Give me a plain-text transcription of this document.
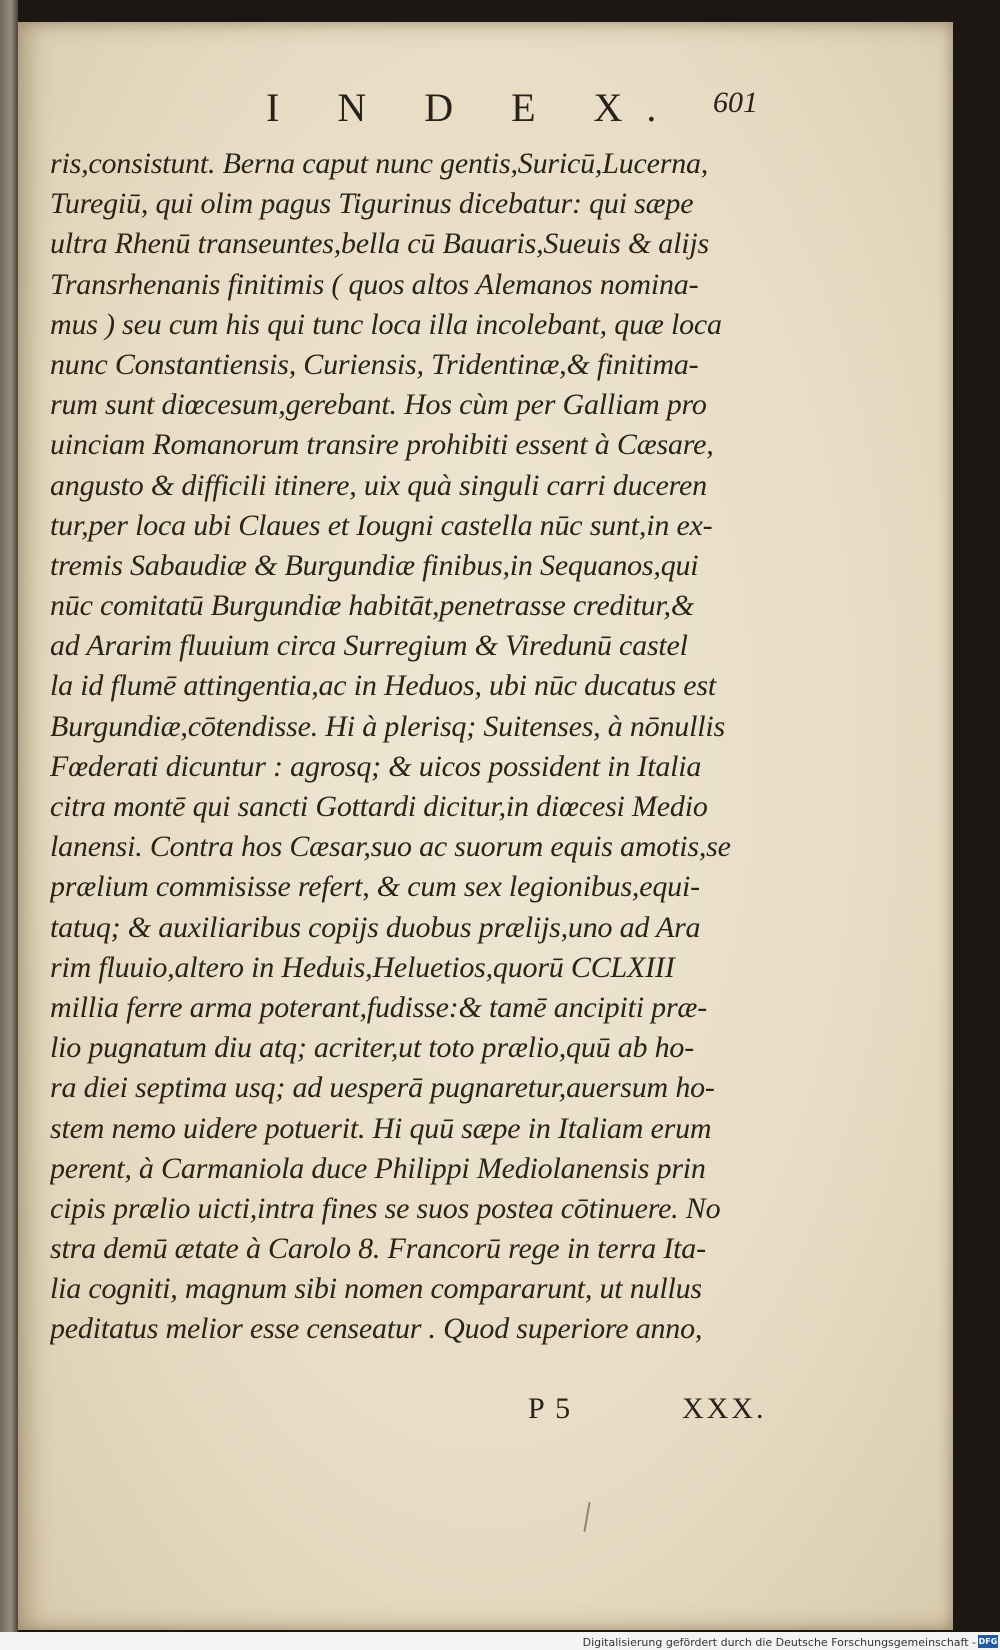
I N D E X. 601
ris,consistunt. Berna caput nunc gentis,Suricū,Lucerna,
Turegiū, qui olim pagus Tigurinus dicebatur: qui sæpe
ultra Rhenū transeuntes,bella cū Bauaris,Sueuis & alijs
Transrhenanis finitimis ( quos altos Alemanos nomina-
mus ) seu cum his qui tunc loca illa incolebant, quæ loca
nunc Constantiensis, Curiensis, Tridentinæ,& finitima-
rum sunt diœcesum,gerebant. Hos cùm per Galliam pro
uinciam Romanorum transire prohibiti essent à Cæsare,
angusto & difficili itinere, uix quà singuli carri duceren
tur,per loca ubi Claues et Iougni castella nūc sunt,in ex-
tremis Sabaudiæ & Burgundiæ finibus,in Sequanos,qui
nūc comitatū Burgundiæ habitāt,penetrasse creditur,&
ad Ararim fluuium circa Surregium & Viredunū castel
la id flumē attingentia,ac in Heduos, ubi nūc ducatus est
Burgundiæ,cōtendisse. Hi à plerisq; Suitenses, à nōnullis
Fœderati dicuntur : agrosq; & uicos possident in Italia
citra montē qui sancti Gottardi dicitur,in diœcesi Medio
lanensi. Contra hos Cæsar,suo ac suorum equis amotis,se
prælium commisisse refert, & cum sex legionibus,equi-
tatuq; & auxiliaribus copijs duobus prælijs,uno ad Ara
rim fluuio,altero in Heduis,Heluetios,quorū CCLXIII
millia ferre arma poterant,fudisse:& tamē ancipiti præ-
lio pugnatum diu atq; acriter,ut toto prælio,quū ab ho-
ra diei septima usq; ad uesperā pugnaretur,auersum ho-
stem nemo uidere potuerit. Hi quū sæpe in Italiam erum
perent, à Carmaniola duce Philippi Mediolanensis prin
cipis prælio uicti,intra fines se suos postea cōtinuere. No
stra demū ætate à Carolo 8. Francorū rege in terra Ita-
lia cogniti, magnum sibi nomen compararunt, ut nullus
peditatus melior esse censeatur . Quod superiore anno,
P 5	XXX.
Digitalisierung gefördert durch die Deutsche Forschungsgemeinschaft - DFG
